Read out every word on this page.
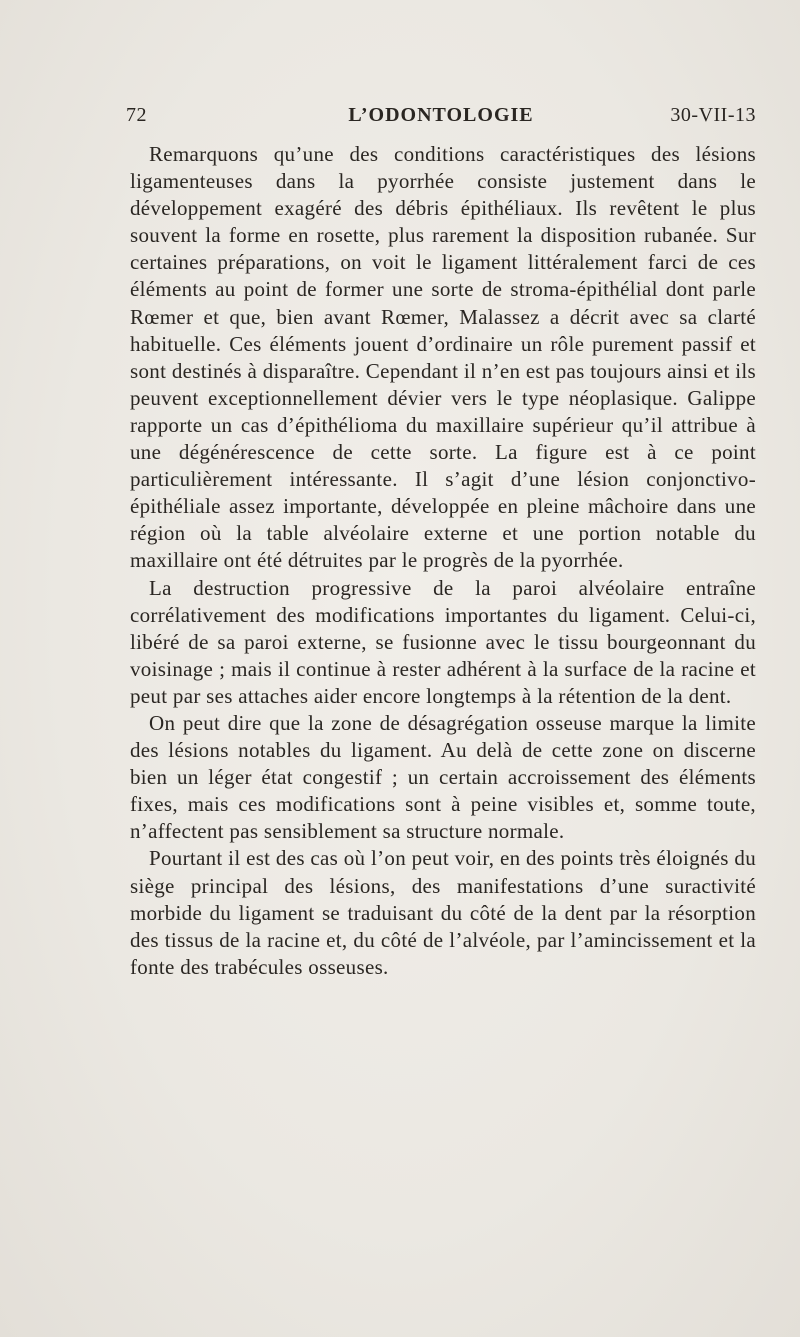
72	L’ODONTOLOGIE	30-VII-13

Remarquons qu’une des conditions caractéristiques des lésions ligamenteuses dans la pyorrhée consiste justement dans le développement exagéré des débris épithéliaux. Ils revêtent le plus souvent la forme en rosette, plus rarement la disposition rubanée. Sur certaines préparations, on voit le ligament littéralement farci de ces éléments au point de former une sorte de stroma-épithélial dont parle Rœmer et que, bien avant Rœmer, Malassez a décrit avec sa clarté habituelle. Ces éléments jouent d’ordinaire un rôle purement passif et sont destinés à disparaître. Cependant il n’en est pas toujours ainsi et ils peuvent exceptionnellement dévier vers le type néoplasique. Galippe rapporte un cas d’épithélioma du maxillaire supérieur qu’il attribue à une dégénérescence de cette sorte. La figure est à ce point particulièrement intéressante. Il s’agit d’une lésion conjonctivo-épithéliale assez importante, développée en pleine mâchoire dans une région où la table alvéolaire externe et une portion notable du maxillaire ont été détruites par le progrès de la pyorrhée.

La destruction progressive de la paroi alvéolaire entraîne corrélativement des modifications importantes du ligament. Celui-ci, libéré de sa paroi externe, se fusionne avec le tissu bourgeonnant du voisinage ; mais il continue à rester adhérent à la surface de la racine et peut par ses attaches aider encore longtemps à la rétention de la dent.

On peut dire que la zone de désagrégation osseuse marque la limite des lésions notables du ligament. Au delà de cette zone on discerne bien un léger état congestif ; un certain accroissement des éléments fixes, mais ces modifications sont à peine visibles et, somme toute, n’affectent pas sensiblement sa structure normale.

Pourtant il est des cas où l’on peut voir, en des points très éloignés du siège principal des lésions, des manifestations d’une suractivité morbide du ligament se traduisant du côté de la dent par la résorption des tissus de la racine et, du côté de l’alvéole, par l’amincissement et la fonte des trabécules osseuses.
